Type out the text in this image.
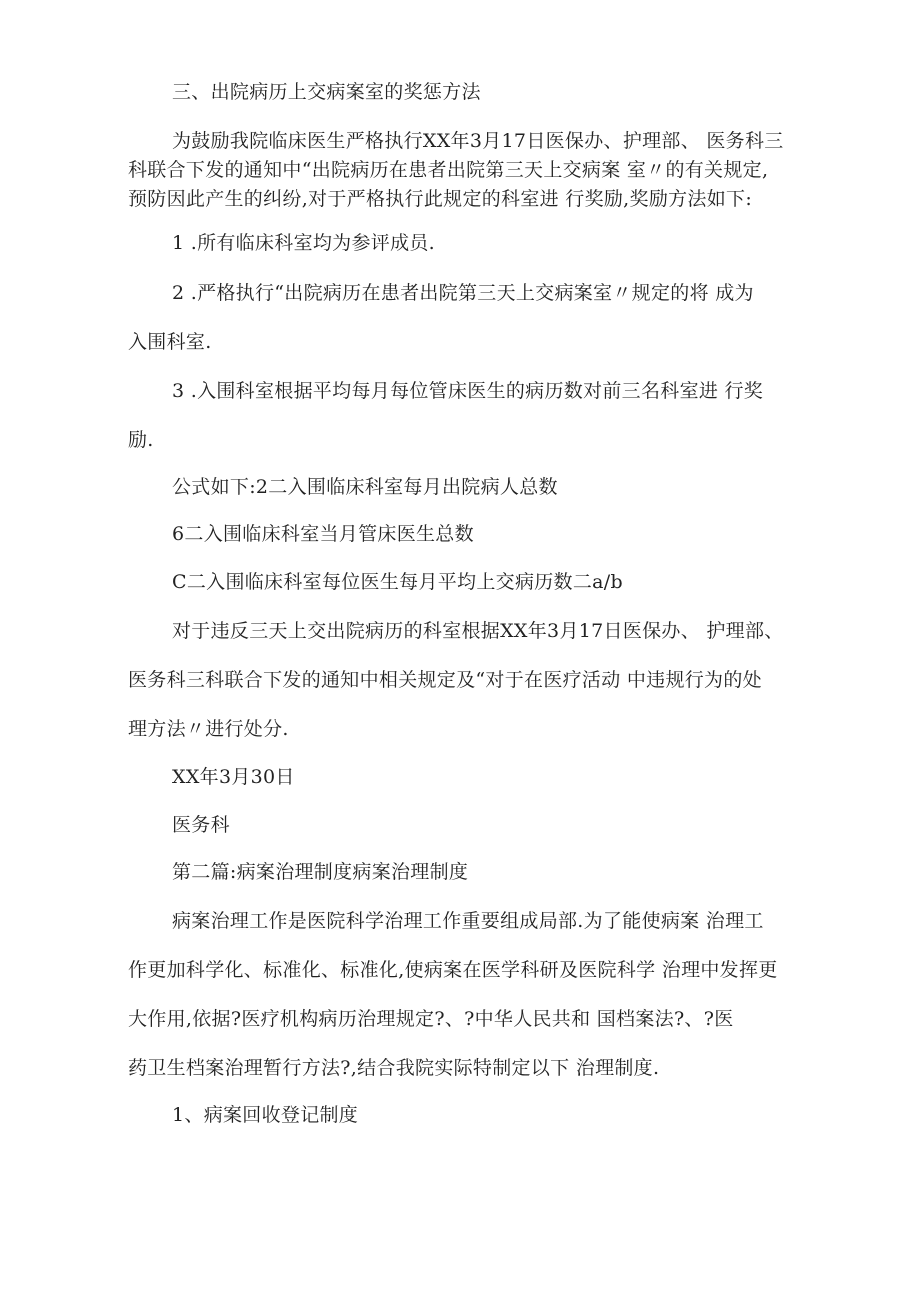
三、出院病历上交病案室的奖惩方法
为鼓励我院临床医生严格执行XX年3月17日医保办、护理部、 医务科三
科联合下发的通知中“出院病历在患者出院第三天上交病案 室〃的有关规定,
预防因此产生的纠纷,对于严格执行此规定的科室进 行奖励,奖励方法如下:
1 .所有临床科室均为参评成员.
2 .严格执行“出院病历在患者出院第三天上交病案室〃规定的将 成为
入围科室.
3 .入围科室根据平均每月每位管床医生的病历数对前三名科室进 行奖
励.
公式如下:2二入围临床科室每月出院病人总数
6二入围临床科室当月管床医生总数
C二入围临床科室每位医生每月平均上交病历数二a/b
对于违反三天上交出院病历的科室根据XX年3月17日医保办、 护理部、
医务科三科联合下发的通知中相关规定及“对于在医疗活动 中违规行为的处
理方法〃进行处分.
XX年3月30日
医务科
第二篇:病案治理制度病案治理制度
病案治理工作是医院科学治理工作重要组成局部.为了能使病案 治理工
作更加科学化、标准化、标准化,使病案在医学科研及医院科学 治理中发挥更
大作用,依据?医疗机构病历治理规定?、?中华人民共和 国档案法?、?医
药卫生档案治理暂行方法?,结合我院实际特制定以下 治理制度.
1、病案回收登记制度
